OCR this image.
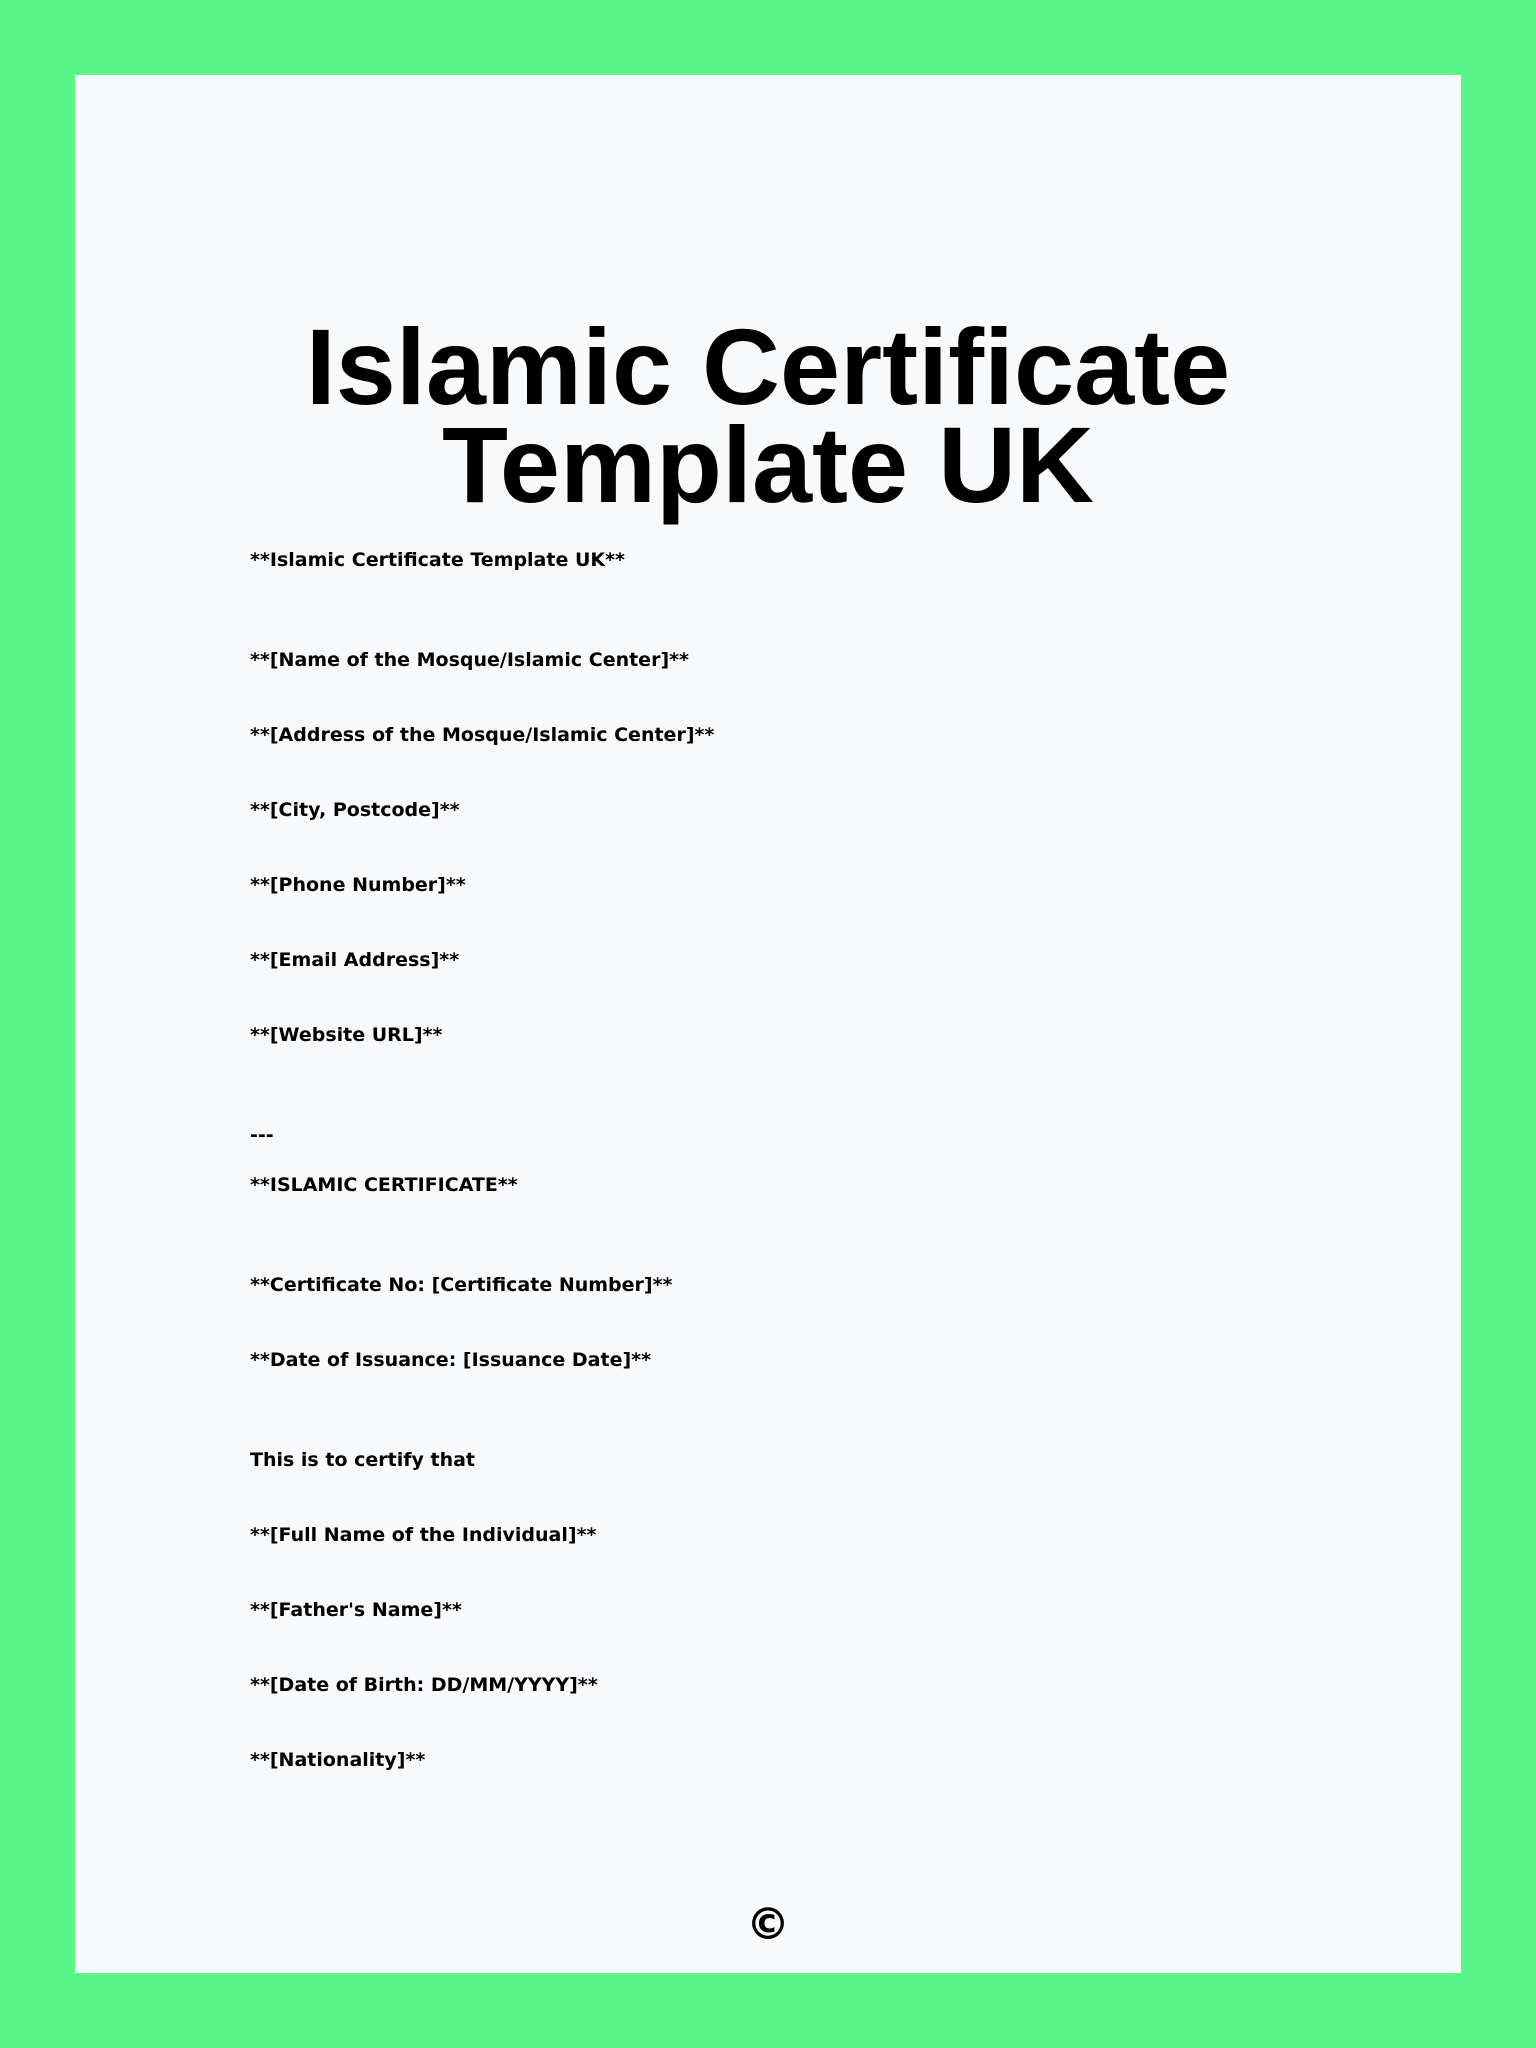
Islamic Certificate Template UK

**Islamic Certificate Template UK**

**[Name of the Mosque/Islamic Center]**

**[Address of the Mosque/Islamic Center]**

**[City, Postcode]**

**[Phone Number]**

**[Email Address]**

**[Website URL]**

---

**ISLAMIC CERTIFICATE**

**Certificate No: [Certificate Number]**

**Date of Issuance: [Issuance Date]**

This is to certify that

**[Full Name of the Individual]**

**[Father's Name]**

**[Date of Birth: DD/MM/YYYY]**

**[Nationality]**

©
